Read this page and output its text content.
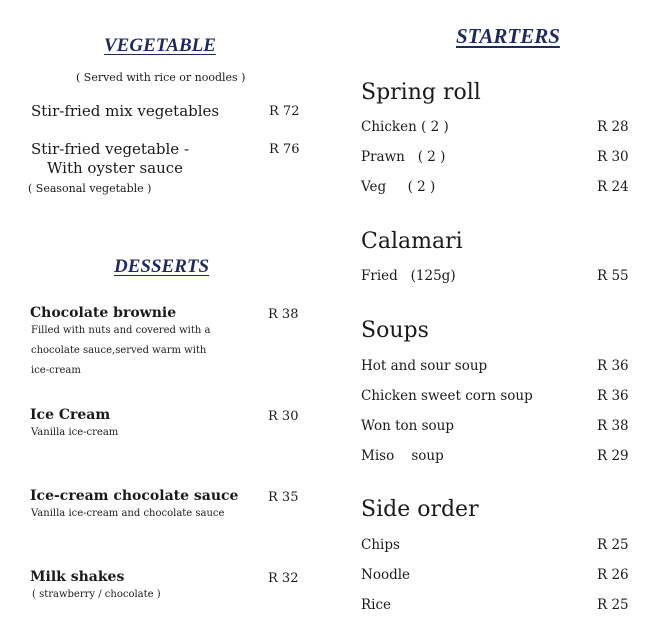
VEGETABLE
( Served with rice or noodles )
Stir-fried mix vegetables	R 72
Stir-fried vegetable -	R 76
With oyster sauce
( Seasonal vegetable )
DESSERTS
Chocolate brownie	R 38
Filled with nuts and covered with a
chocolate sauce,served warm with
ice-cream
Ice Cream	R 30
Vanilla ice-cream
Ice-cream chocolate sauce R 35
Vanilla ice-cream and chocolate sauce
Milk shakes	R 32
( strawberry / chocolate )
STARTERS
Spring roll
Chicken ( 2 )	R 28
Prawn   ( 2 )	R 30
Veg     ( 2 )	R 24
Calamari
Fried   (125g)	R 55
Soups
Hot and sour soup	R 36
Chicken sweet corn soup	R 36
Won ton soup	R 38
Miso    soup	R 29
Side order
Chips	R 25
Noodle	R 26
Rice	R 25
